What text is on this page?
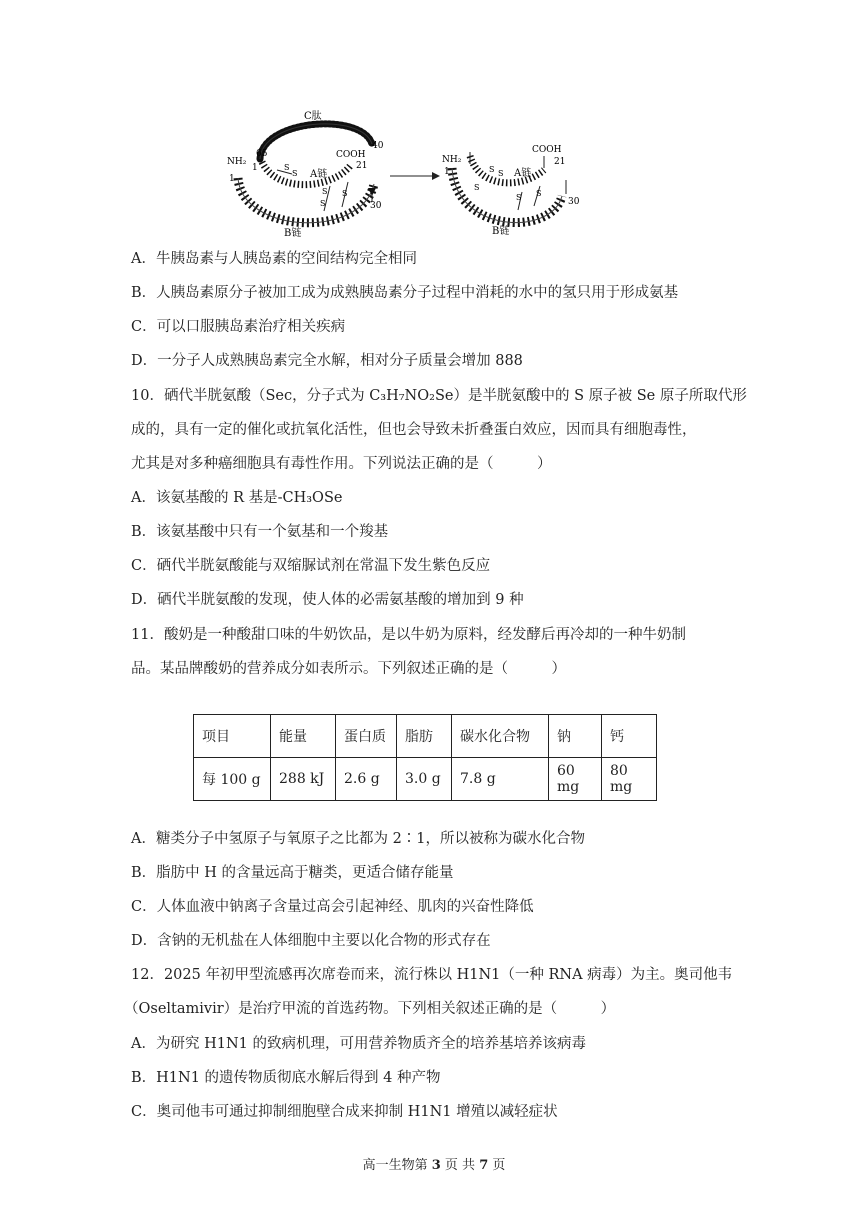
C肽
NH₂
65
1
1
40
COOH
21
S
S
S
S
S
A链
30
B链
NH₂
1
COOH
21
S S
S
S S
A链
30
B链
A．牛胰岛素与人胰岛素的空间结构完全相同
B．人胰岛素原分子被加工成为成熟胰岛素分子过程中消耗的水中的氢只用于形成氨基
C．可以口服胰岛素治疗相关疾病
D．一分子人成熟胰岛素完全水解，相对分子质量会增加 888
10．硒代半胱氨酸（Sec，分子式为 C₃H₇NO₂Se）是半胱氨酸中的 S 原子被 Se 原子所取代形
成的，具有一定的催化或抗氧化活性，但也会导致未折叠蛋白效应，因而具有细胞毒性，
尤其是对多种癌细胞具有毒性作用。下列说法正确的是（　　　）
A．该氨基酸的 R 基是-CH₃OSe
B．该氨基酸中只有一个氨基和一个羧基
C．硒代半胱氨酸能与双缩脲试剂在常温下发生紫色反应
D．硒代半胱氨酸的发现，使人体的必需氨基酸的增加到 9 种
11．酸奶是一种酸甜口味的牛奶饮品，是以牛奶为原料，经发酵后再冷却的一种牛奶制
品。某品牌酸奶的营养成分如表所示。下列叙述正确的是（　　　）
项目	能量	蛋白质	脂肪	碳水化合物	钠	钙
每 100 g	288 kJ	2.6 g	3.0 g	7.8 g	60 mg	80 mg
A．糖类分子中氢原子与氧原子之比都为 2∶1，所以被称为碳水化合物
B．脂肪中 H 的含量远高于糖类，更适合储存能量
C．人体血液中钠离子含量过高会引起神经、肌肉的兴奋性降低
D．含钠的无机盐在人体细胞中主要以化合物的形式存在
12．2025 年初甲型流感再次席卷而来，流行株以 H1N1（一种 RNA 病毒）为主。奥司他韦
（Oseltamivir）是治疗甲流的首选药物。下列相关叙述正确的是（　　　）
A．为研究 H1N1 的致病机理，可用营养物质齐全的培养基培养该病毒
B．H1N1 的遗传物质彻底水解后得到 4 种产物
C．奥司他韦可通过抑制细胞壁合成来抑制 H1N1 增殖以减轻症状
高一生物第 3 页 共 7 页
